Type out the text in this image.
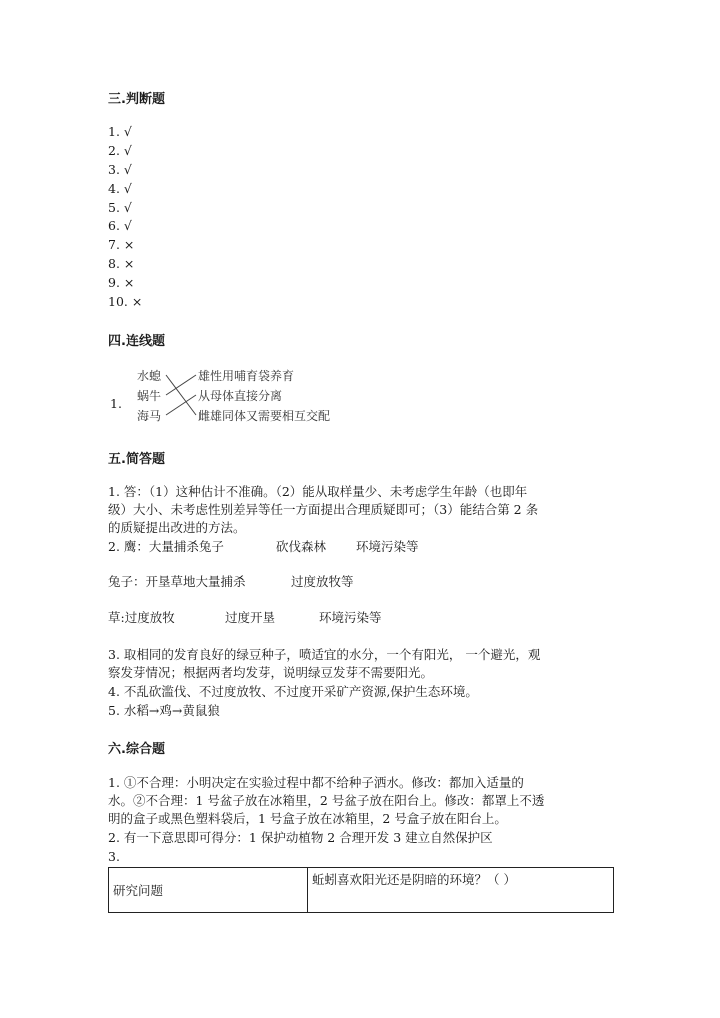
三.判断题
1. √
2. √
3. √
4. √
5. √
6. √
7. ×
8. ×
9. ×
10. ×
四.连线题
1.
水螅
蜗牛
海马
雄性用哺育袋养育
从母体直接分离
雌雄同体又需要相互交配
五.简答题
1. 答：（1）这种估计不准确。（2）能从取样量少、未考虑学生年龄（也即年
级）大小、未考虑性别差异等任一方面提出合理质疑即可；（3）能结合第 2 条
的质疑提出改进的方法。
2. 鹰：大量捕杀兔子	砍伐森林 环境污染等
兔子：开垦草地大量捕杀	过度放牧等
草:过度放牧	过度开垦	环境污染等
3. 取相同的发育良好的绿豆种子，喷适宜的水分，一个有阳光， 一个避光，观
察发芽情况；根据两者均发芽，说明绿豆发芽不需要阳光。
4. 不乱砍滥伐、不过度放牧、不过度开采矿产资源,保护生态环境。
5. 水稻→鸡→黄鼠狼
六.综合题
1. ①不合理：小明决定在实验过程中都不给种子洒水。修改：都加入适量的
水。②不合理：1 号盆子放在冰箱里，2 号盆子放在阳台上。修改：都罩上不透
明的盒子或黑色塑料袋后，1 号盒子放在冰箱里，2 号盒子放在阳台上。
2. 有一下意思即可得分：1 保护动植物 2 合理开发 3 建立自然保护区
3.
研究问题	蚯蚓喜欢阳光还是阴暗的环境？（ ）
